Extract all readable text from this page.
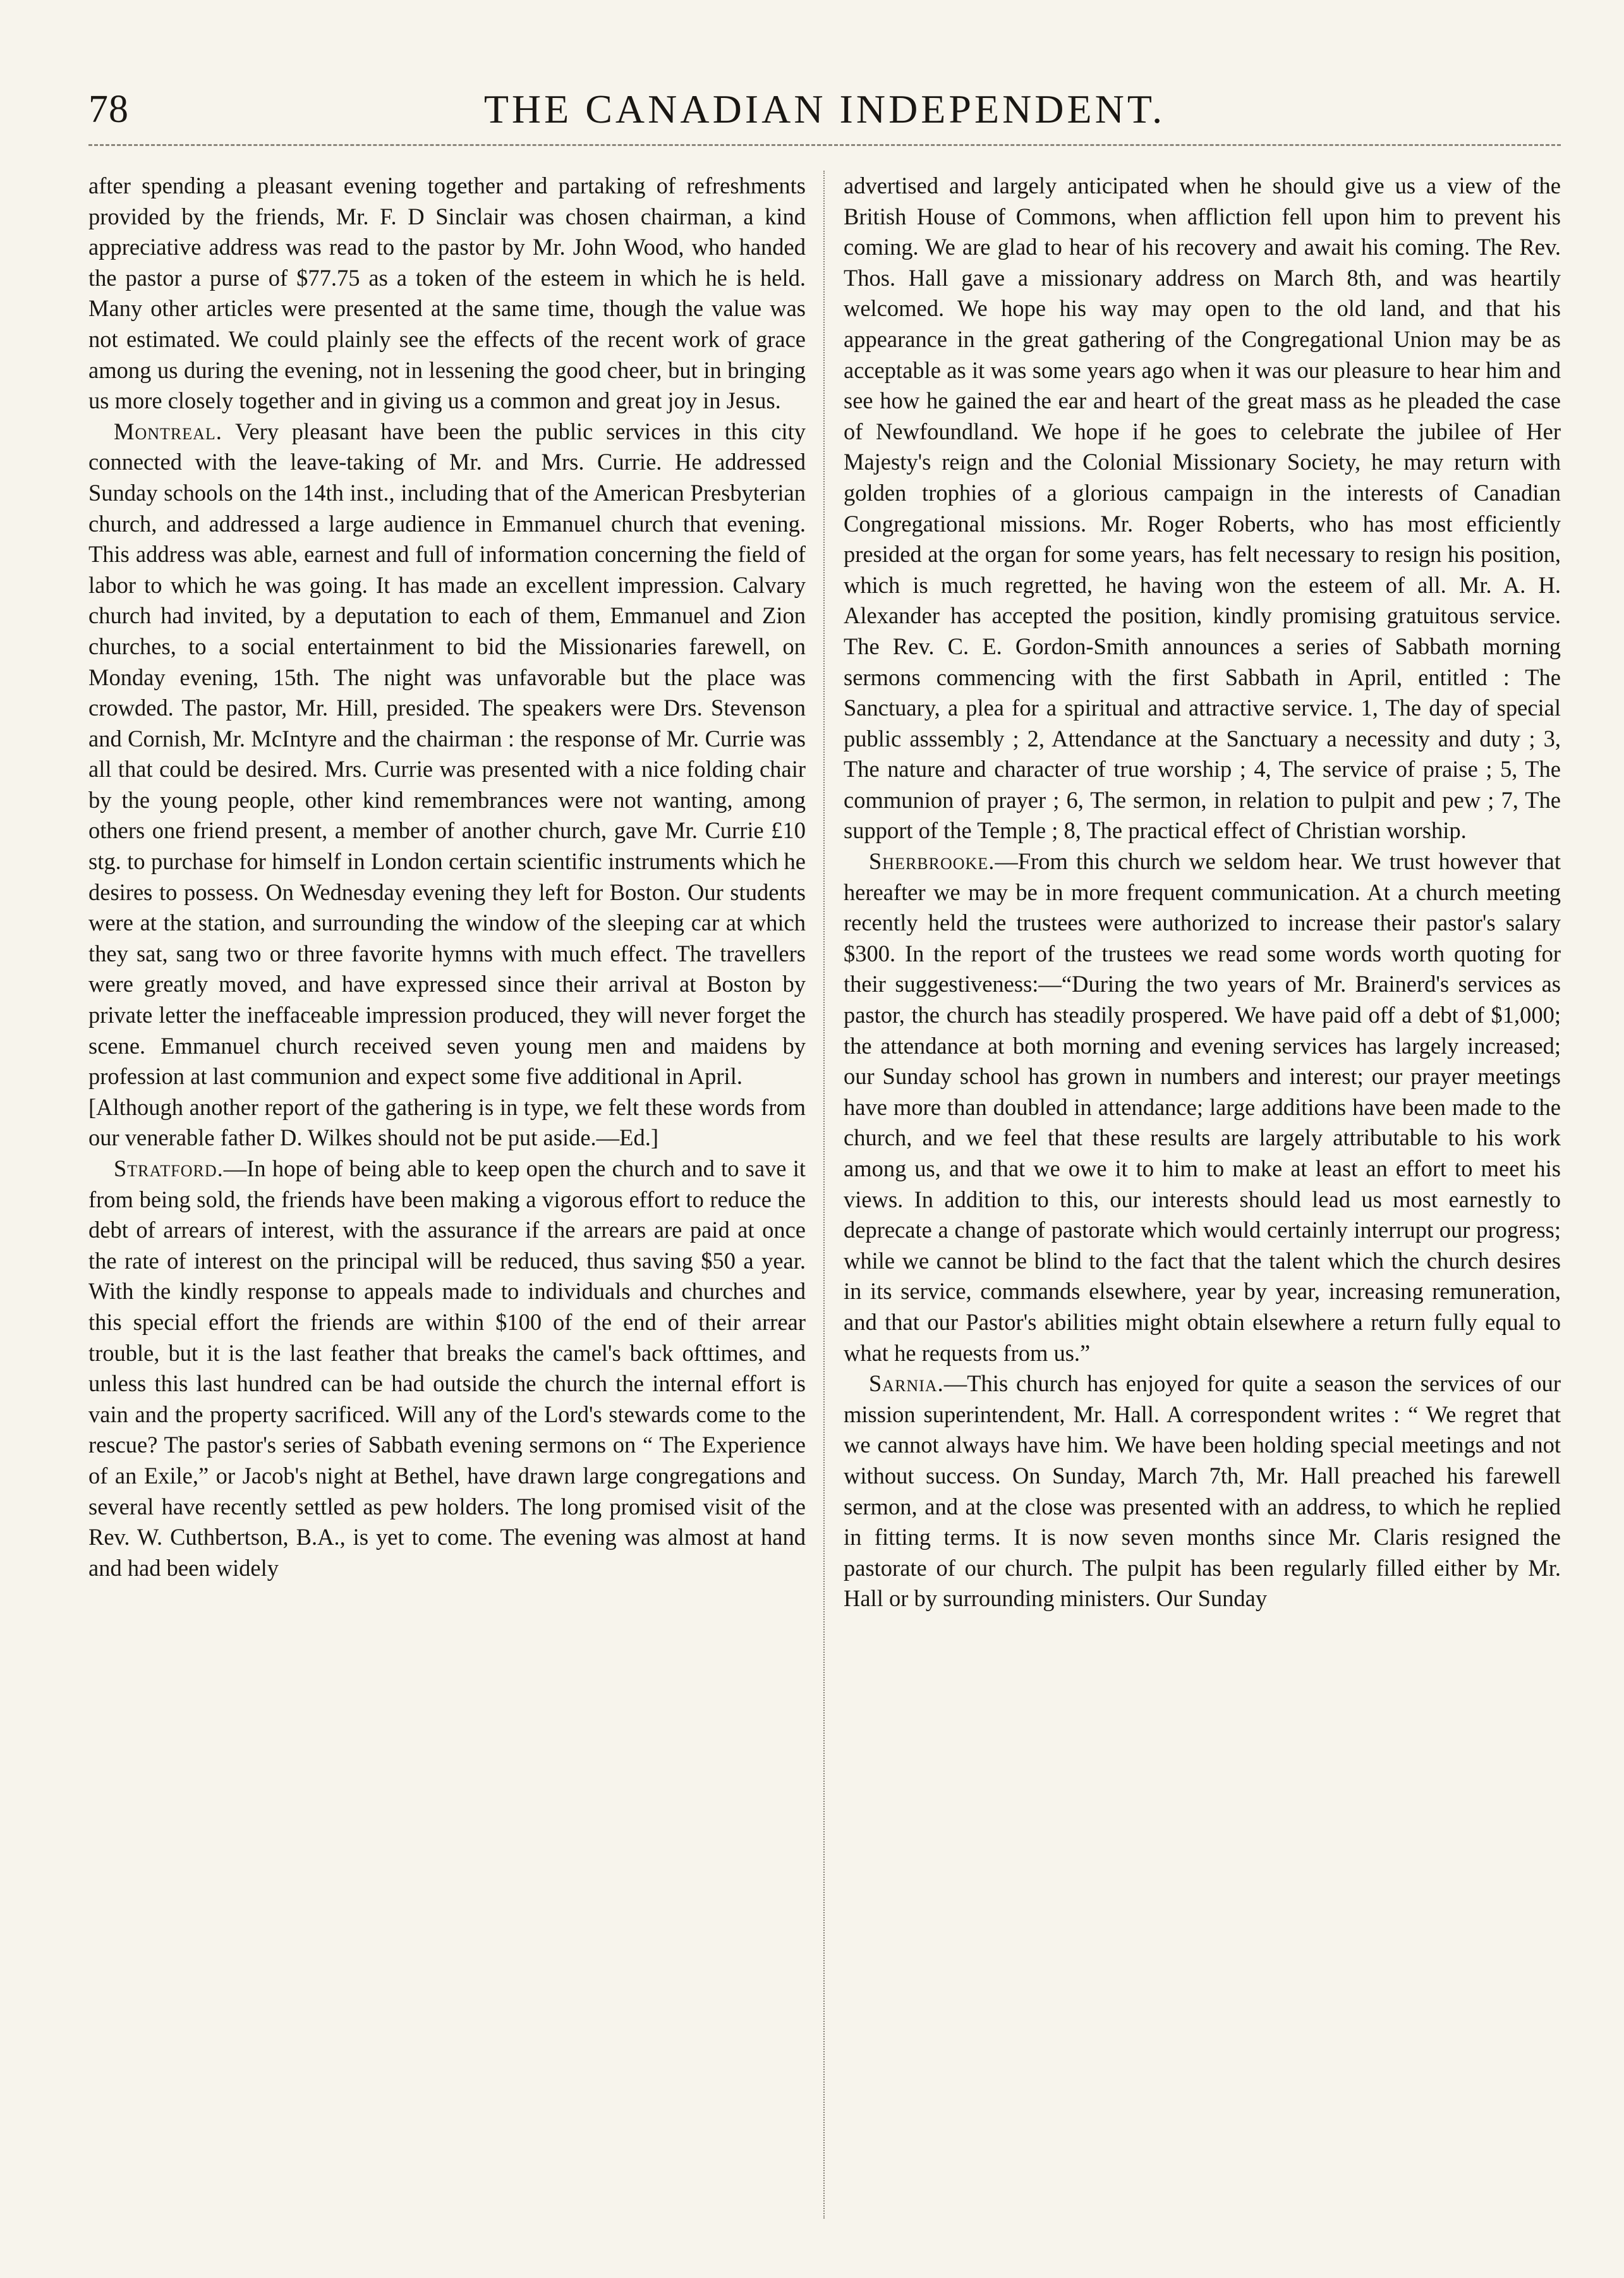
78	THE CANADIAN INDEPENDENT.

after spending a pleasant evening together and partaking of refreshments provided by the friends, Mr. F. D Sinclair was chosen chairman, a kind appreciative address was read to the pastor by Mr. John Wood, who handed the pastor a purse of $77.75 as a token of the esteem in which he is held. Many other articles were presented at the same time, though the value was not estimated. We could plainly see the effects of the recent work of grace among us during the evening, not in lessening the good cheer, but in bringing us more closely together and in giving us a common and great joy in Jesus.

Montreal. Very pleasant have been the public services in this city connected with the leave-taking of Mr. and Mrs. Currie. He addressed Sunday schools on the 14th inst., including that of the American Presbyterian church, and addressed a large audience in Emmanuel church that evening. This address was able, earnest and full of information concerning the field of labor to which he was going. It has made an excellent impression. Calvary church had invited, by a deputation to each of them, Emmanuel and Zion churches, to a social entertainment to bid the Missionaries farewell, on Monday evening, 15th. The night was unfavorable but the place was crowded. The pastor, Mr. Hill, presided. The speakers were Drs. Stevenson and Cornish, Mr. McIntyre and the chairman : the response of Mr. Currie was all that could be desired. Mrs. Currie was presented with a nice folding chair by the young people, other kind remembrances were not wanting, among others one friend present, a member of another church, gave Mr. Currie £10 stg. to purchase for himself in London certain scientific instruments which he desires to possess. On Wednesday evening they left for Boston. Our students were at the station, and surrounding the window of the sleeping car at which they sat, sang two or three favorite hymns with much effect. The travellers were greatly moved, and have expressed since their arrival at Boston by private letter the ineffaceable impression produced, they will never forget the scene. Emmanuel church received seven young men and maidens by profession at last communion and expect some five additional in April.

[Although another report of the gathering is in type, we felt these words from our venerable father D. Wilkes should not be put aside.—Ed.]

Stratford.—In hope of being able to keep open the church and to save it from being sold, the friends have been making a vigorous effort to reduce the debt of arrears of interest, with the assurance if the arrears are paid at once the rate of interest on the principal will be reduced, thus saving $50 a year. With the kindly response to appeals made to individuals and churches and this special effort the friends are within $100 of the end of their arrear trouble, but it is the last feather that breaks the camel's back ofttimes, and unless this last hundred can be had outside the church the internal effort is vain and the property sacrificed. Will any of the Lord's stewards come to the rescue? The pastor's series of Sabbath evening sermons on “ The Experience of an Exile,” or Jacob's night at Bethel, have drawn large congregations and several have recently settled as pew holders. The long promised visit of the Rev. W. Cuthbertson, B.A., is yet to come. The evening was almost at hand and had been widely

advertised and largely anticipated when he should give us a view of the British House of Commons, when affliction fell upon him to prevent his coming. We are glad to hear of his recovery and await his coming. The Rev. Thos. Hall gave a missionary address on March 8th, and was heartily welcomed. We hope his way may open to the old land, and that his appearance in the great gathering of the Congregational Union may be as acceptable as it was some years ago when it was our pleasure to hear him and see how he gained the ear and heart of the great mass as he pleaded the case of Newfoundland. We hope if he goes to celebrate the jubilee of Her Majesty's reign and the Colonial Missionary Society, he may return with golden trophies of a glorious campaign in the interests of Canadian Congregational missions. Mr. Roger Roberts, who has most efficiently presided at the organ for some years, has felt necessary to resign his position, which is much regretted, he having won the esteem of all. Mr. A. H. Alexander has accepted the position, kindly promising gratuitous service. The Rev. C. E. Gordon-Smith announces a series of Sabbath morning sermons commencing with the first Sabbath in April, entitled : The Sanctuary, a plea for a spiritual and attractive service. 1, The day of special public asssembly ; 2, Attendance at the Sanctuary a necessity and duty ; 3, The nature and character of true worship ; 4, The service of praise ; 5, The communion of prayer ; 6, The sermon, in relation to pulpit and pew ; 7, The support of the Temple ; 8, The practical effect of Christian worship.

Sherbrooke.—From this church we seldom hear. We trust however that hereafter we may be in more frequent communication. At a church meeting recently held the trustees were authorized to increase their pastor's salary $300. In the report of the trustees we read some words worth quoting for their suggestiveness:—“During the two years of Mr. Brainerd's services as pastor, the church has steadily prospered. We have paid off a debt of $1,000; the attendance at both morning and evening services has largely increased; our Sunday school has grown in numbers and interest; our prayer meetings have more than doubled in attendance; large additions have been made to the church, and we feel that these results are largely attributable to his work among us, and that we owe it to him to make at least an effort to meet his views. In addition to this, our interests should lead us most earnestly to deprecate a change of pastorate which would certainly interrupt our progress; while we cannot be blind to the fact that the talent which the church desires in its service, commands elsewhere, year by year, increasing remuneration, and that our Pastor's abilities might obtain elsewhere a return fully equal to what he requests from us.”

Sarnia.—This church has enjoyed for quite a season the services of our mission superintendent, Mr. Hall. A correspondent writes : “ We regret that we cannot always have him. We have been holding special meetings and not without success. On Sunday, March 7th, Mr. Hall preached his farewell sermon, and at the close was presented with an address, to which he replied in fitting terms. It is now seven months since Mr. Claris resigned the pastorate of our church. The pulpit has been regularly filled either by Mr. Hall or by surrounding ministers. Our Sunday
